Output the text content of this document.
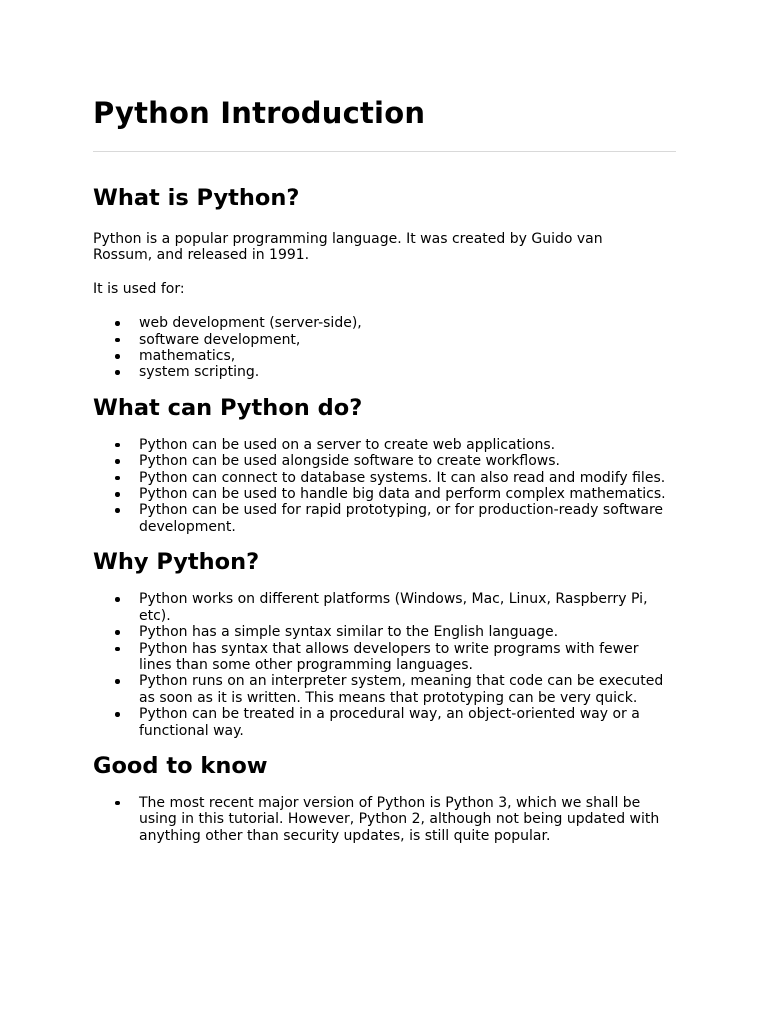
Python Introduction
What is Python?

Python is a popular programming language. It was created by Guido van Rossum, and released in 1991.

It is used for:

web development (server-side),
software development,
mathematics,
system scripting.
What can Python do?
Python can be used on a server to create web applications.
Python can be used alongside software to create workflows.
Python can connect to database systems. It can also read and modify files.
Python can be used to handle big data and perform complex mathematics.
Python can be used for rapid prototyping, or for production-ready software development.
Why Python?
Python works on different platforms (Windows, Mac, Linux, Raspberry Pi, etc).
Python has a simple syntax similar to the English language.
Python has syntax that allows developers to write programs with fewer lines than some other programming languages.
Python runs on an interpreter system, meaning that code can be executed as soon as it is written. This means that prototyping can be very quick.
Python can be treated in a procedural way, an object-oriented way or a functional way.
Good to know
The most recent major version of Python is Python 3, which we shall be using in this tutorial. However, Python 2, although not being updated with anything other than security updates, is still quite popular.
